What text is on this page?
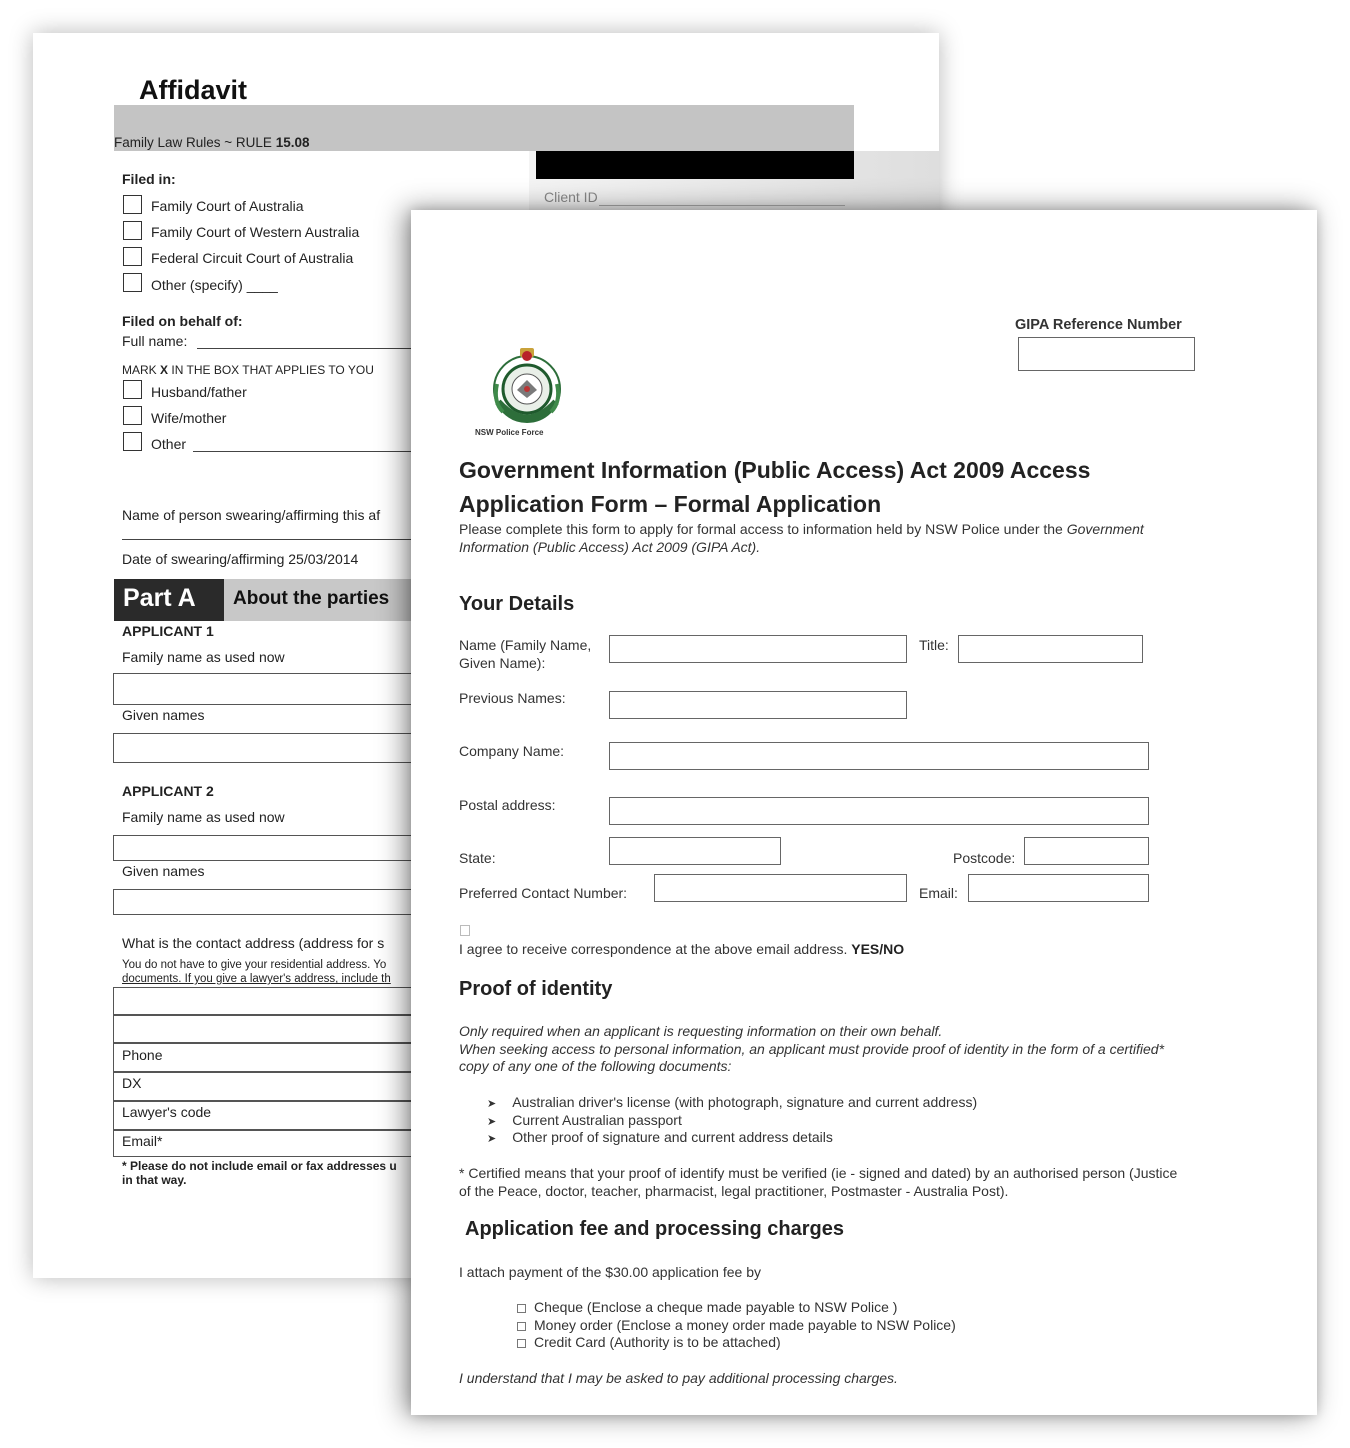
Affidavit
Family Law Rules ~ RULE 15.08
Client ID
Filed in:
Family Court of Australia
Family Court of Western Australia
Federal Circuit Court of Australia
Other (specify) ____
Filed on behalf of:
Full name:
MARK X IN THE BOX THAT APPLIES TO YOU
Husband/father
Wife/mother
Other
Name of person swearing/affirming this af
Date of swearing/affirming 25/03/2014
Part A About the parties
APPLICANT 1
Family name as used now
Given names
APPLICANT 2
Family name as used now
Given names
What is the contact address (address for s
You do not have to give your residential address. Yo
documents. If you give a lawyer's address, include th
Phone
DX
Lawyer's code
Email*
* Please do not include email or fax addresses u
in that way.
GIPA Reference Number
NSW Police Force
Government Information (Public Access) Act 2009 Access
Application Form – Formal Application
Please complete this form to apply for formal access to information held by NSW Police under the Government
Information (Public Access) Act 2009 (GIPA Act).
Your Details
Name (Family Name,
Given Name):
Title:
Previous Names:
Company Name:
Postal address:
State:	Postcode:
Preferred Contact Number:	Email:
I agree to receive correspondence at the above email address. YES/NO
Proof of identity
Only required when an applicant is requesting information on their own behalf.
When seeking access to personal information, an applicant must provide proof of identity in the form of a certified*
copy of any one of the following documents:
➤ Australian driver's license (with photograph, signature and current address)
➤ Current Australian passport
➤ Other proof of signature and current address details
* Certified means that your proof of identify must be verified (ie - signed and dated) by an authorised person (Justice
of the Peace, doctor, teacher, pharmacist, legal practitioner, Postmaster - Australia Post).
Application fee and processing charges
I attach payment of the $30.00 application fee by
Cheque (Enclose a cheque made payable to NSW Police )
Money order (Enclose a money order made payable to NSW Police)
Credit Card (Authority is to be attached)
I understand that I may be asked to pay additional processing charges.
